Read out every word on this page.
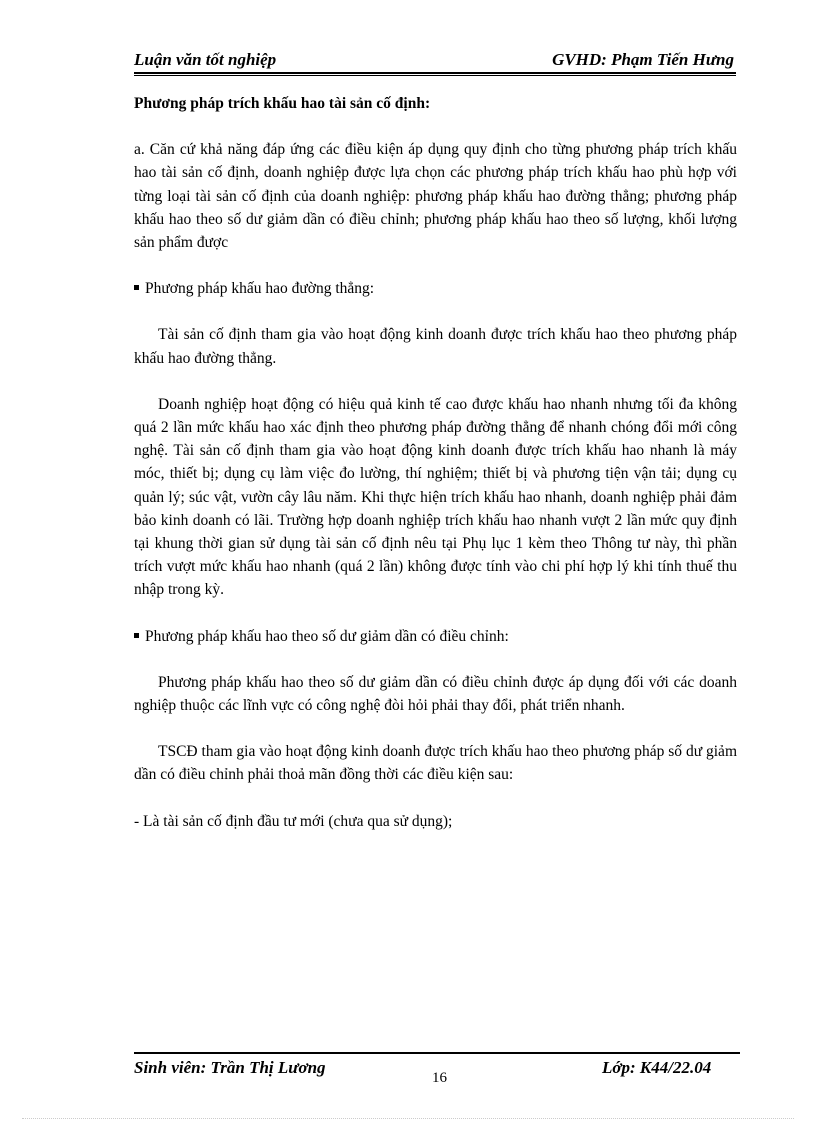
Luận văn tốt nghiệp	GVHD: Phạm Tiến Hưng

Phương pháp trích khấu hao tài sản cố định:

a. Căn cứ khả năng đáp ứng các điều kiện áp dụng quy định cho từng phương pháp trích khấu hao tài sản cố định, doanh nghiệp được lựa chọn các phương pháp trích khấu hao phù hợp với từng loại tài sản cố định của doanh nghiệp: phương pháp khấu hao đường thẳng; phương pháp khấu hao theo số dư giảm dần có điều chỉnh; phương pháp khấu hao theo số lượng, khối lượng sản phẩm được

Phương pháp khấu hao đường thẳng:

Tài sản cố định tham gia vào hoạt động kinh doanh được trích khấu hao theo phương pháp khấu hao đường thẳng.

Doanh nghiệp hoạt động có hiệu quả kinh tế cao được khấu hao nhanh nhưng tối đa không quá 2 lần mức khấu hao xác định theo phương pháp đường thẳng để nhanh chóng đổi mới công nghệ. Tài sản cố định tham gia vào hoạt động kinh doanh được trích khấu hao nhanh là máy móc, thiết bị; dụng cụ làm việc đo lường, thí nghiệm; thiết bị và phương tiện vận tải; dụng cụ quản lý; súc vật, vườn cây lâu năm. Khi thực hiện trích khấu hao nhanh, doanh nghiệp phải đảm bảo kinh doanh có lãi. Trường hợp doanh nghiệp trích khấu hao nhanh vượt 2 lần mức quy định tại khung thời gian sử dụng tài sản cố định nêu tại Phụ lục 1 kèm theo Thông tư này, thì phần trích vượt mức khấu hao nhanh (quá 2 lần) không được tính vào chi phí hợp lý khi tính thuế thu nhập trong kỳ.

Phương pháp khấu hao theo số dư giảm dần có điều chỉnh:

Phương pháp khấu hao theo số dư giảm dần có điều chỉnh được áp dụng đối với các doanh nghiệp thuộc các lĩnh vực có công nghệ đòi hỏi phải thay đổi, phát triển nhanh.

TSCĐ tham gia vào hoạt động kinh doanh được trích khấu hao theo phương pháp số dư giảm dần có điều chỉnh phải thoả mãn đồng thời các điều kiện sau:

- Là tài sản cố định đầu tư mới (chưa qua sử dụng);

Sinh viên: Trần Thị Lương	Lớp: K44/22.04
16
